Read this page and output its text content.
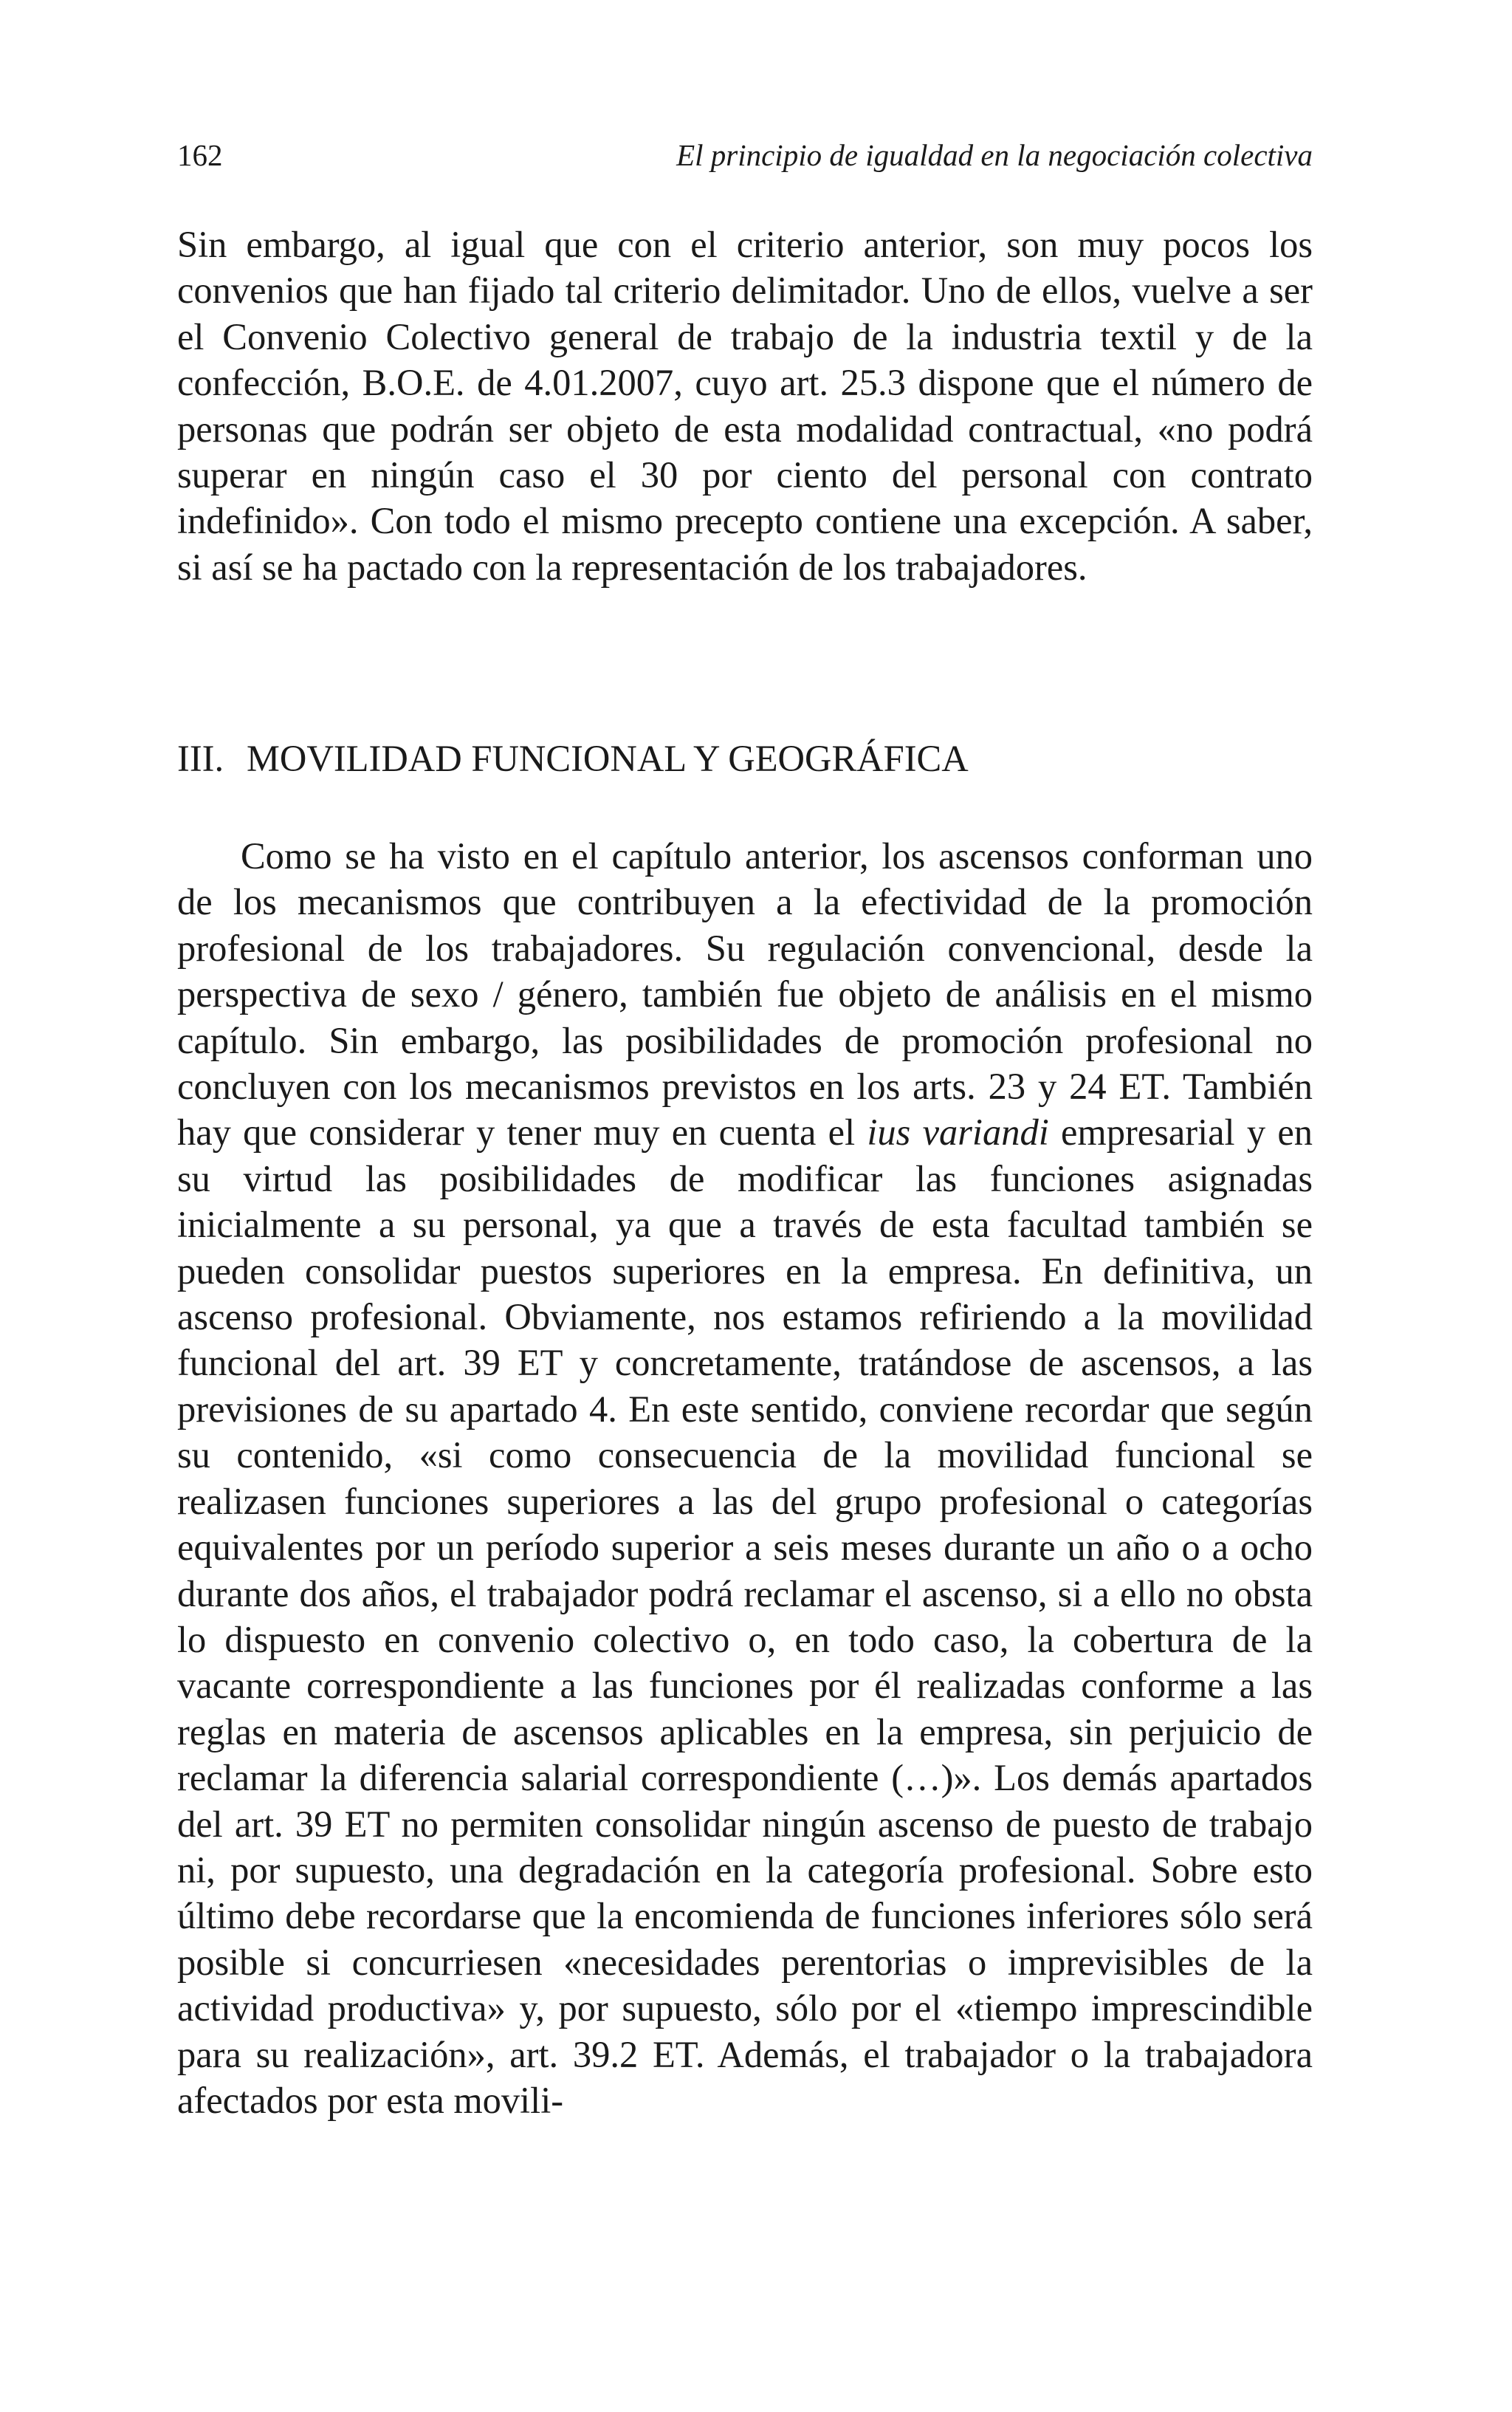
162	El principio de igualdad en la negociación colectiva

Sin embargo, al igual que con el criterio anterior, son muy pocos los convenios que han fijado tal criterio delimitador. Uno de ellos, vuelve a ser el Convenio Colectivo general de trabajo de la industria textil y de la confección, B.O.E. de 4.01.2007, cuyo art. 25.3 dispone que el número de personas que podrán ser objeto de esta modalidad contractual, «no podrá superar en ningún caso el 30 por ciento del personal con contrato indefinido». Con todo el mismo precepto contiene una excepción. A saber, si así se ha pactado con la representación de los trabajadores.

III. MOVILIDAD FUNCIONAL Y GEOGRÁFICA

Como se ha visto en el capítulo anterior, los ascensos conforman uno de los mecanismos que contribuyen a la efectividad de la promoción profesional de los trabajadores. Su regulación convencional, desde la perspectiva de sexo / género, también fue objeto de análisis en el mismo capítulo. Sin embargo, las posibilidades de promoción profesional no concluyen con los mecanismos previstos en los arts. 23 y 24 ET. También hay que considerar y tener muy en cuenta el ius variandi empresarial y en su virtud las posibilidades de modificar las funciones asignadas inicialmente a su personal, ya que a través de esta facultad también se pueden consolidar puestos superiores en la empresa. En definitiva, un ascenso profesional. Obviamente, nos estamos refiriendo a la movilidad funcional del art. 39 ET y concretamente, tratándose de ascensos, a las previsiones de su apartado 4. En este sentido, conviene recordar que según su contenido, «si como consecuencia de la movilidad funcional se realizasen funciones superiores a las del grupo profesional o categorías equivalentes por un período superior a seis meses durante un año o a ocho durante dos años, el trabajador podrá reclamar el ascenso, si a ello no obsta lo dispuesto en convenio colectivo o, en todo caso, la cobertura de la vacante correspondiente a las funciones por él realizadas conforme a las reglas en materia de ascensos aplicables en la empresa, sin perjuicio de reclamar la diferencia salarial correspondiente (…)». Los demás apartados del art. 39 ET no permiten consolidar ningún ascenso de puesto de trabajo ni, por supuesto, una degradación en la categoría profesional. Sobre esto último debe recordarse que la encomienda de funciones inferiores sólo será posible si concurriesen «necesidades perentorias o imprevisibles de la actividad productiva» y, por supuesto, sólo por el «tiempo imprescindible para su realización», art. 39.2 ET. Además, el trabajador o la trabajadora afectados por esta movili-
